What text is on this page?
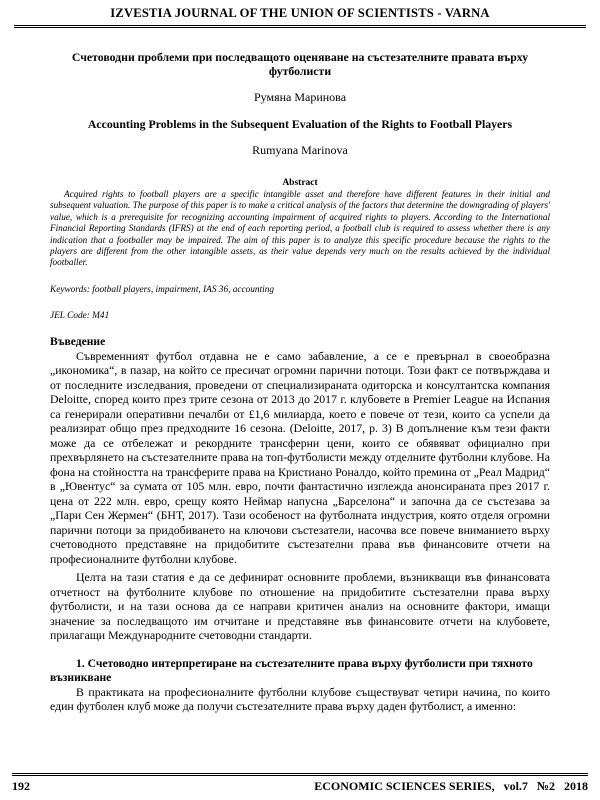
IZVESTIA JOURNAL OF THE UNION OF SCIENTISTS - VARNA

Счетоводни проблеми при последващото оценяване на състезателните правата върху футболисти

Румяна Маринова

Accounting Problems in the Subsequent Evaluation of the Rights to Football Players

Rumyana Marinova
Abstract

Acquired rights to football players are a specific intangible asset and therefore have different features in their initial and subsequent valuation. The purpose of this paper is to make a critical analysis of the factors that determine the downgrading of players' value, which is a prerequisite for recognizing accounting impairment of acquired rights to players. According to the International Financial Reporting Standards (IFRS) at the end of each reporting period, a football club is required to assess whether there is any indication that a footballer may be impaired. The aim of this paper is to analyze this specific procedure because the rights to the players are different from the other intangible assets, as their value depends very much on the results achieved by the individual footballer.

Keywords: football players, impairment, IAS 36, accounting

JEL Code: M41

Въведение

Съвременният футбол отдавна не е само забавление, а се е превърнал в своеобразна „икономика“, в пазар, на който се пресичат огромни парични потоци. Този факт се потвърждава и от последните изследвания, проведени от специализираната одиторска и консултантска компания Deloitte, според които през трите сезона от 2013 до 2017 г. клубовете в Premier League на Испания са генерирали оперативни печалби от £1,6 милиарда, което е повече от тези, които са успели да реализират общо през предходните 16 сезона. (Deloitte, 2017, p. 3) В допълнение към тези факти може да се отбележат и рекордните трансферни цени, които се обявяват официално при прехвърлянето на състезателните права на топ-футболисти между отделните футболни клубове. На фона на стойността на трансферите права на Кристиано Роналдо, който премина от „Реал Мадрид“ в „Ювентус“ за сумата от 105 млн. евро, почти фантастично изглежда анонсираната през 2017 г. цена от 222 млн. евро, срещу която Неймар напусна „Барселона“ и започна да се състезава за „Пари Сен Жермен“ (БНТ, 2017). Тази особеност на футболната индустрия, която отделя огромни парични потоци за придобиването на ключови състезатели, насочва все повече вниманието върху счетоводното представяне на придобитите състезателни права във финансовите отчети на професионалните футболни клубове.

Целта на тази статия е да се дефинират основните проблеми, възникващи във финансовата отчетност на футболните клубове по отношение на придобитите състезателни права върху футболисти, и на тази основа да се направи критичен анализ на основните фактори, имащи значение за последващото им отчитане и представяне във финансовите отчети на клубовете, прилагащи Международните счетоводни стандарти.

1. Счетоводно интерпретиране на състезателните права върху футболисти при тяхното възникване

В практиката на професионалните футболни клубове съществуват четири начина, по които един футболен клуб може да получи състезателните права върху даден футболист, а именно:

192	ECONOMIC SCIENCES SERIES,   vol.7   №2   2018
